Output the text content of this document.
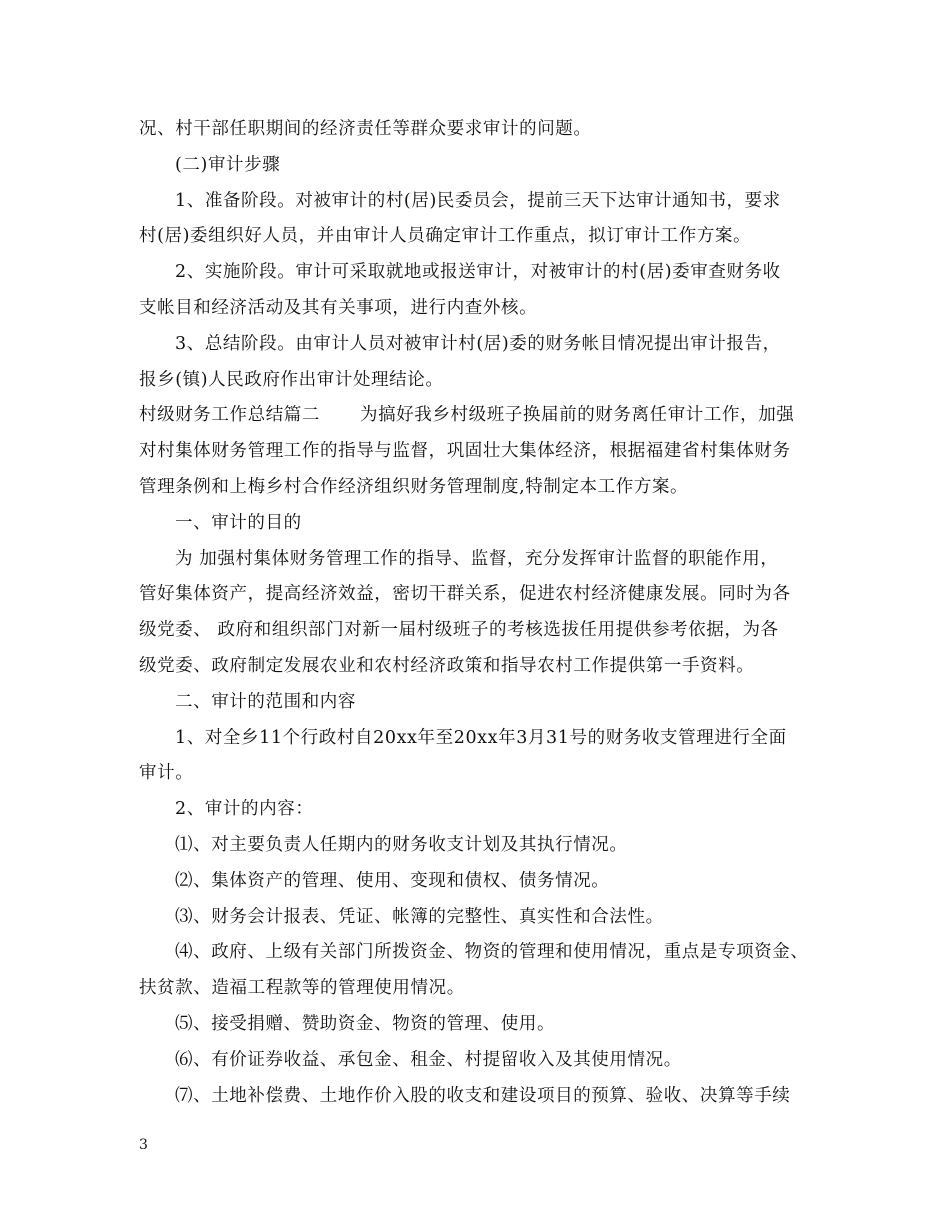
况、村干部任职期间的经济责任等群众要求审计的问题。
(二)审计步骤
1、准备阶段。对被审计的村(居)民委员会，提前三天下达审计通知书，要求
村(居)委组织好人员，并由审计人员确定审计工作重点，拟订审计工作方案。
2、实施阶段。审计可采取就地或报送审计，对被审计的村(居)委审查财务收
支帐目和经济活动及其有关事项，进行内查外核。
3、总结阶段。由审计人员对被审计村(居)委的财务帐目情况提出审计报告，
报乡(镇)人民政府作出审计处理结论。
村级财务工作总结篇二 为搞好我乡村级班子换届前的财务离任审计工作，加强
对村集体财务管理工作的指导与监督，巩固壮大集体经济，根据福建省村集体财务
管理条例和上梅乡村合作经济组织财务管理制度,特制定本工作方案。
一、审计的目的
为 加强村集体财务管理工作的指导、监督，充分发挥审计监督的职能作用，
管好集体资产，提高经济效益，密切干群关系，促进农村经济健康发展。同时为各
级党委、 政府和组织部门对新一届村级班子的考核选拔任用提供参考依据，为各
级党委、政府制定发展农业和农村经济政策和指导农村工作提供第一手资料。
二、审计的范围和内容
1、对全乡11个行政村自20xx年至20xx年3月31号的财务收支管理进行全面
审计。
2、审计的内容：
⑴、对主要负责人任期内的财务收支计划及其执行情况。
⑵、集体资产的管理、使用、变现和债权、债务情况。
⑶、财务会计报表、凭证、帐簿的完整性、真实性和合法性。
⑷、政府、上级有关部门所拨资金、物资的管理和使用情况，重点是专项资金、
扶贫款、造福工程款等的管理使用情况。
⑸、接受捐赠、赞助资金、物资的管理、使用。
⑹、有价证券收益、承包金、租金、村提留收入及其使用情况。
⑺、土地补偿费、土地作价入股的收支和建设项目的预算、验收、决算等手续
3
